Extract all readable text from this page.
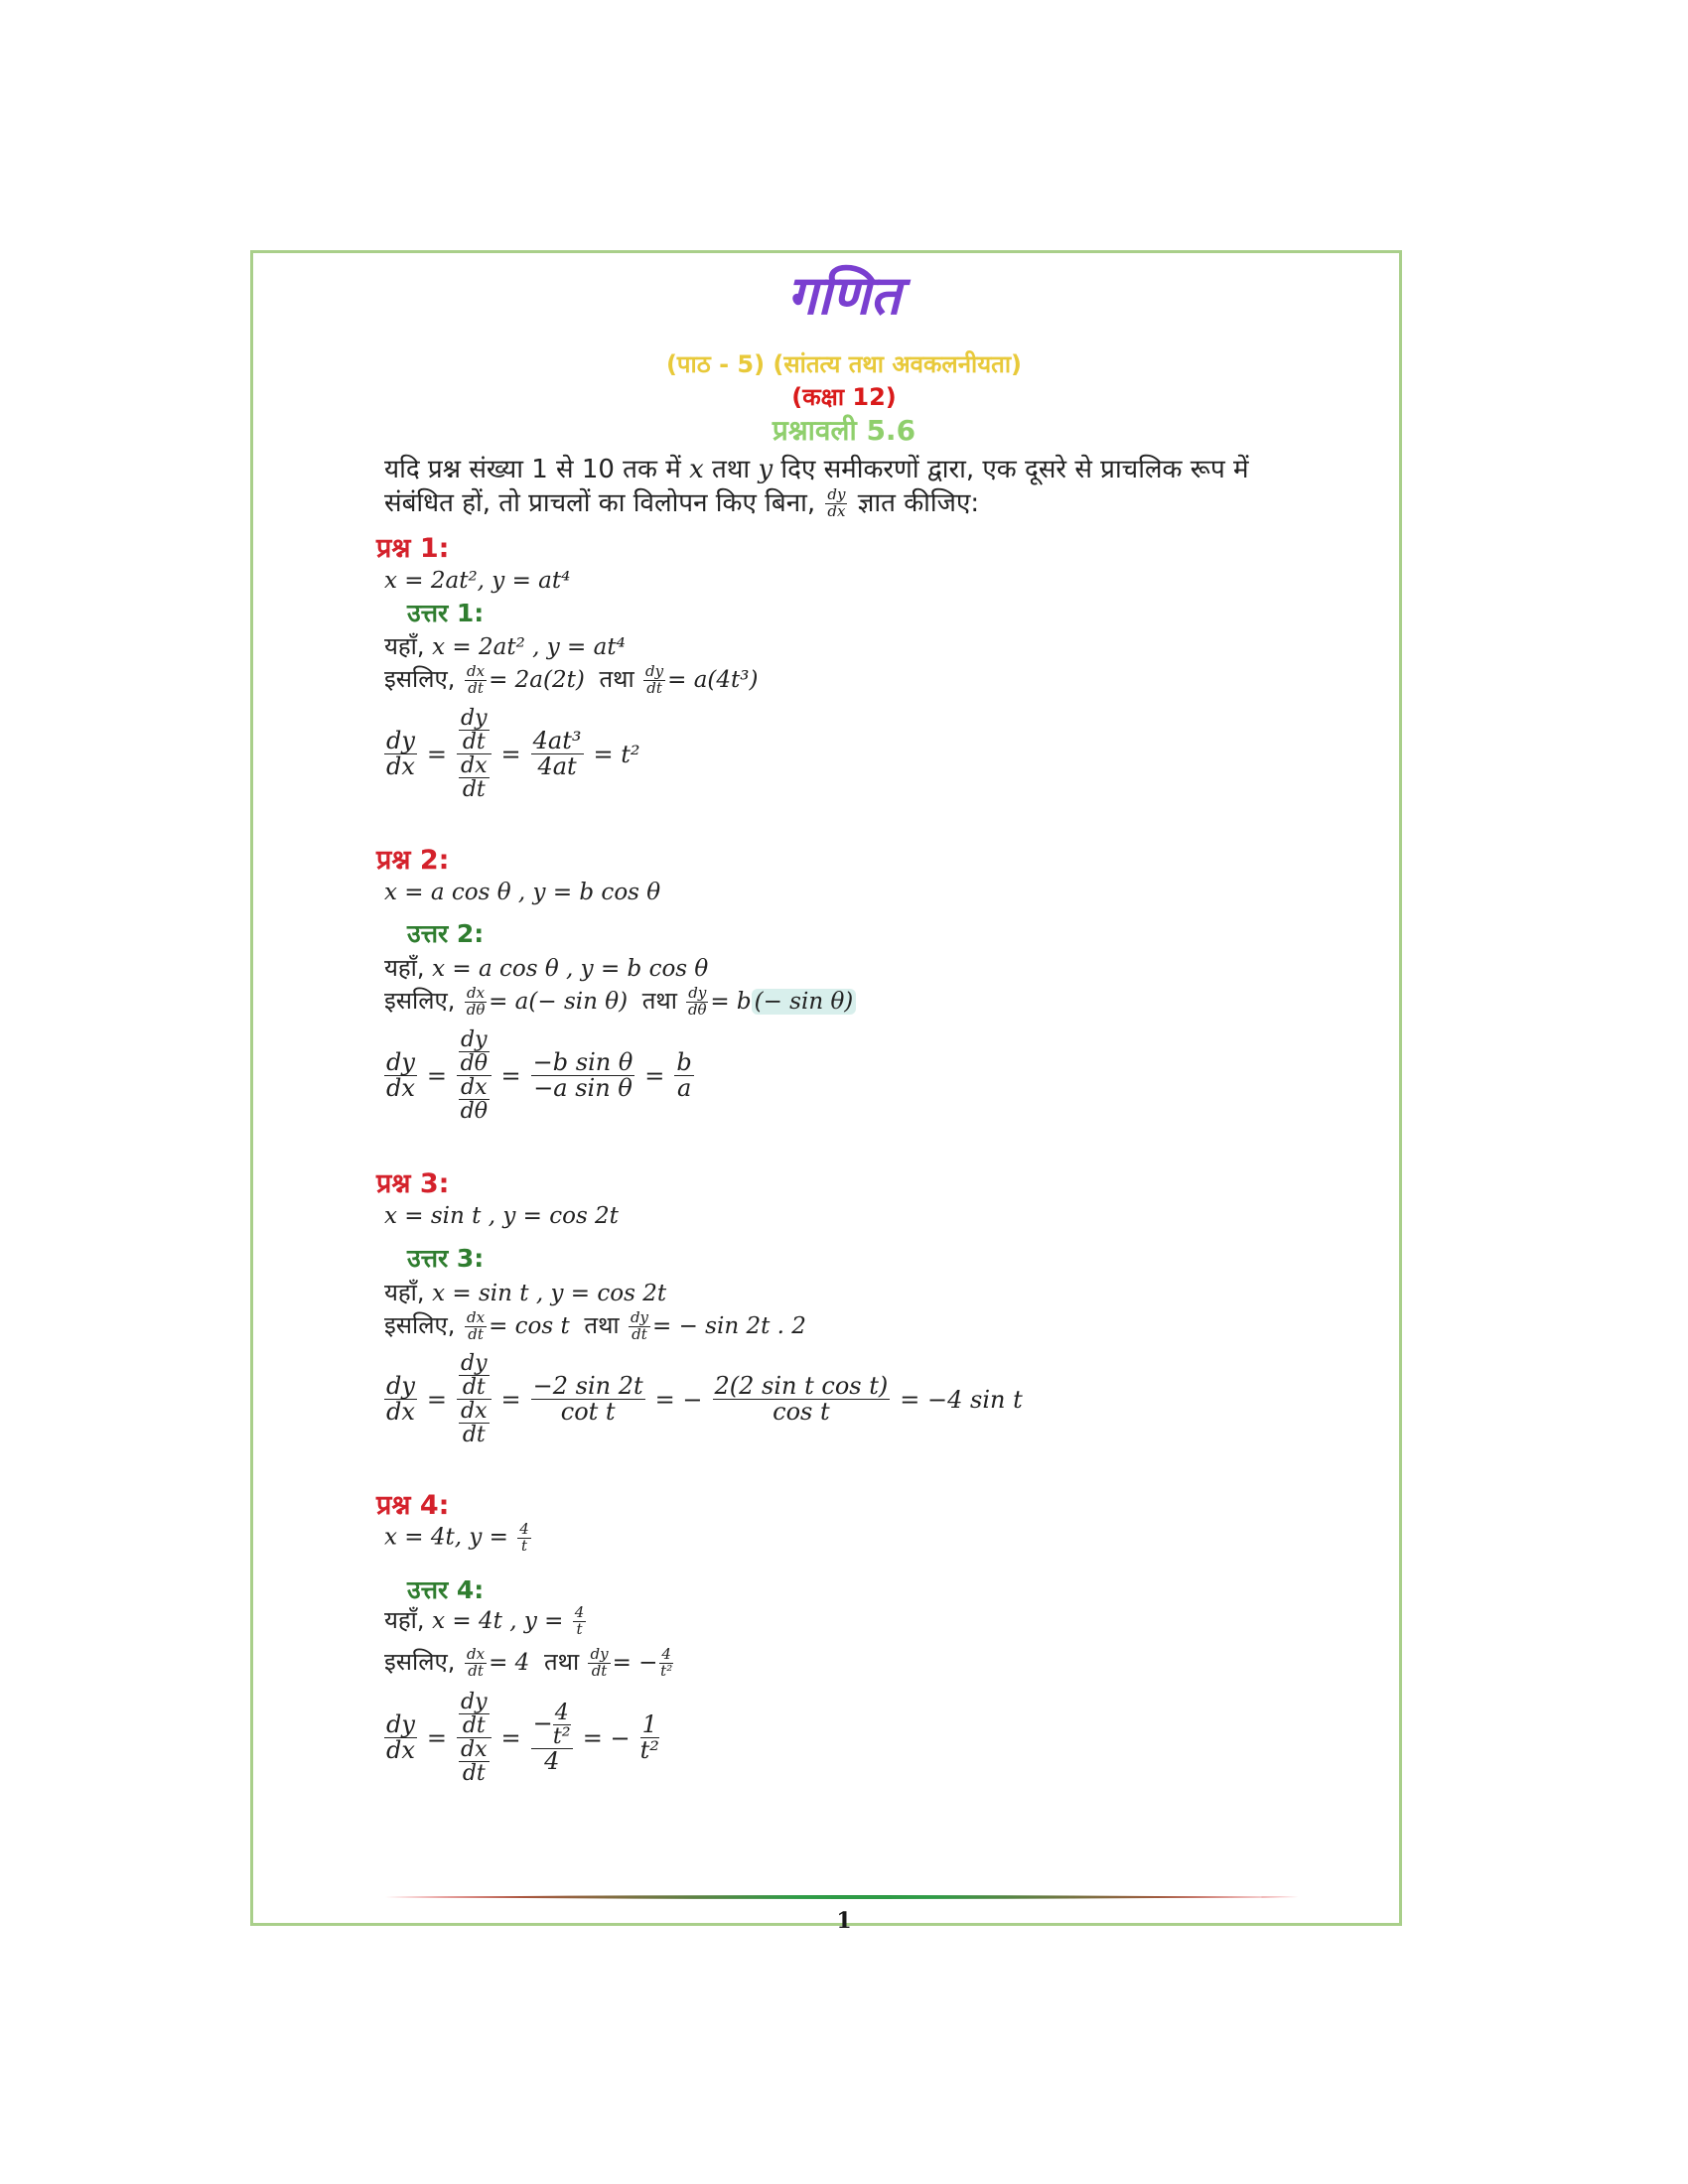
गणित
(पाठ - 5) (सांतत्य तथा अवकलनीयता)
(कक्षा 12)
प्रश्नावली 5.6
यदि प्रश्न संख्या 1 से 10 तक में x तथा y दिए समीकरणों द्वारा, एक दूसरे से प्राचलिक रूप में
संबंधित हों, तो प्राचलों का विलोपन किए बिना, $\frac{dy}{dx}$ ज्ञात कीजिए:
प्रश्न 1:
x = 2at², y = at⁴
उत्तर 1:
यहाँ, x = 2at² , y = at⁴
इसलिए, $\frac{dx}{dt} = 2a(2t)$ तथा $\frac{dy}{dt} = a(4t^3)$
$\frac{dy}{dx} = \frac{\frac{dy}{dt}}{\frac{dx}{dt}} = \frac{\text{4at³}}{4at} = t^2$
प्रश्न 2:
x = a cos θ , y = b cos θ
उत्तर 2:
यहाँ, x = a cos θ , y = b cos θ
इसलिए, $\frac{dx}{d\theta} = a(- \sin \theta)$ तथा $\frac{dy}{d\theta} = b$ (− sin θ)
$\frac{dy}{dx} = \frac{\frac{dy}{d\theta}}{\frac{dx}{d\theta}} = \frac{\text{−b sin θ}}{\text{−a sin θ}} = \frac{b}{a}$
प्रश्न 3:
x = sin t , y = cos 2t
उत्तर 3:
यहाँ, x = sin t , y = cos 2t
इसलिए, $\frac{dx}{dt} = \cos t$ तथा $\frac{dy}{dt}$ = − sin 2t . 2
$\frac{dy}{dx} = \frac{\frac{dy}{dt}}{\frac{dx}{dt}} = \frac{-2 \sin 2t}{\text{cot t}}$ = − $\frac{\text{2(2 sin t cos t)}}{\text{cos t}} = -4$ sin t
प्रश्न 4:
x = 4t, $y = \frac{4}{t}$
उत्तर 4:
यहाँ, x = 4t , $y = \frac{4}{t}$
इसलिए, $\frac{dx}{dt} = 4$ तथा $\frac{dy}{dt}$ = − $\frac{4}{\text{t²}}$
$\frac{dy}{dx} = \frac{\frac{dy}{dt}}{\frac{dx}{dt}} = \frac{- \frac{4}{\text{t²}}}{4}$ = − $\frac{1}{\text{t²}}$
1
